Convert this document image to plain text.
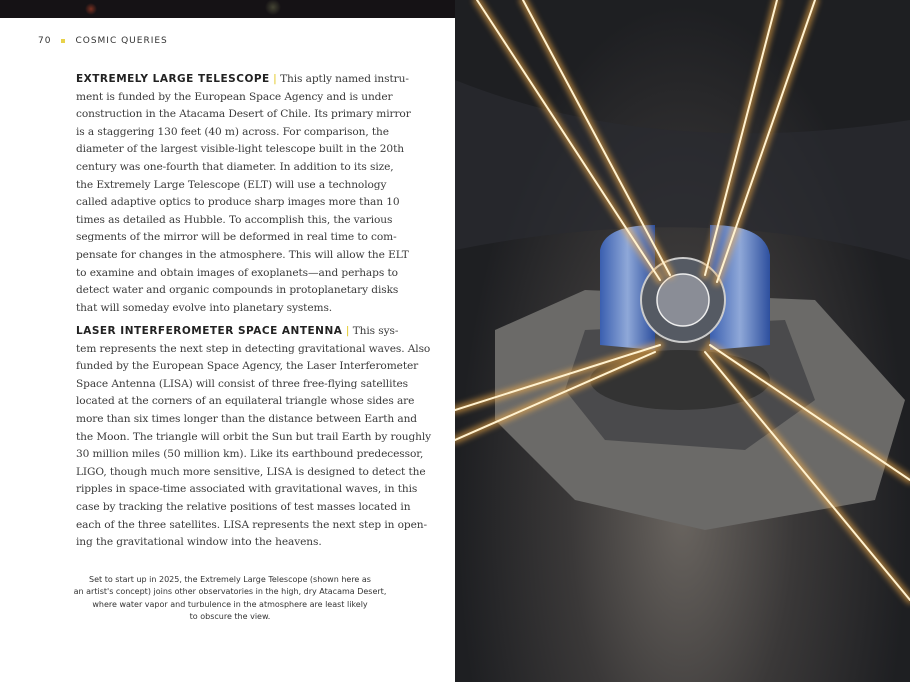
70	COSMIC QUERIES
EXTREMELY LARGE TELESCOPE | This aptly named instru-
ment is funded by the European Space Agency and is under
construction in the Atacama Desert of Chile. Its primary mirror
is a staggering 130 feet (40 m) across. For comparison, the
diameter of the largest visible-light telescope built in the 20th
century was one-fourth that diameter. In addition to its size,
the Extremely Large Telescope (ELT) will use a technology
called adaptive optics to produce sharp images more than 10
times as detailed as Hubble. To accomplish this, the various
segments of the mirror will be deformed in real time to com-
pensate for changes in the atmosphere. This will allow the ELT
to examine and obtain images of exoplanets—and perhaps to
detect water and organic compounds in protoplanetary disks
that will someday evolve into planetary systems.
LASER INTERFEROMETER SPACE ANTENNA | This sys-
tem represents the next step in detecting gravitational waves. Also
funded by the European Space Agency, the Laser Interferometer
Space Antenna (LISA) will consist of three free-flying satellites
located at the corners of an equilateral triangle whose sides are
more than six times longer than the distance between Earth and
the Moon. The triangle will orbit the Sun but trail Earth by roughly
30 million miles (50 million km). Like its earthbound predecessor,
LIGO, though much more sensitive, LISA is designed to detect the
ripples in space-time associated with gravitational waves, in this
case by tracking the relative positions of test masses located in
each of the three satellites. LISA represents the next step in open-
ing the gravitational window into the heavens.
Set to start up in 2025, the Extremely Large Telescope (shown here as
an artist's concept) joins other observatories in the high, dry Atacama Desert,
where water vapor and turbulence in the atmosphere are least likely
to obscure the view.
